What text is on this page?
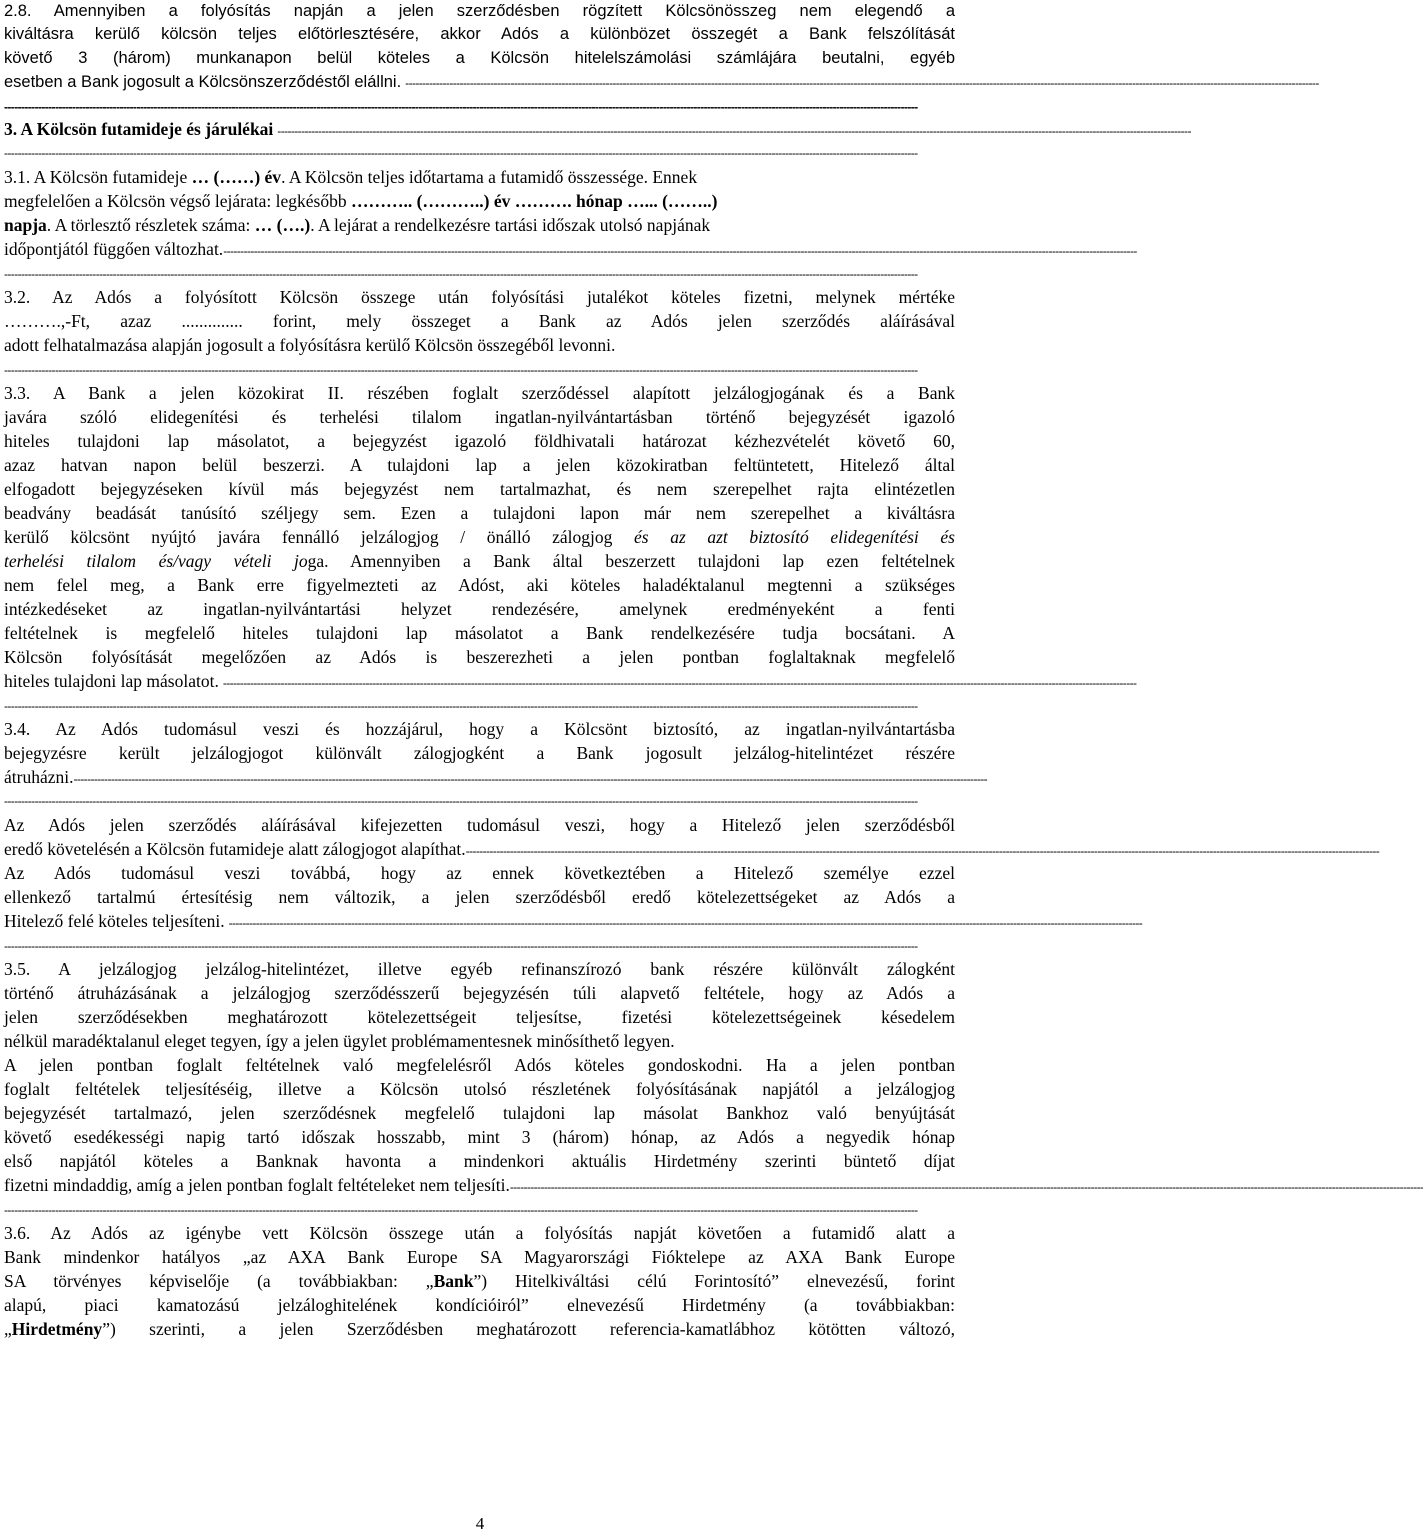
2.8. Amennyiben a folyósítás napján a jelen szerződésben rögzített Kölcsönösszeg nem elegendő a
kiváltásra kerülő kölcsön teljes előtörlesztésére, akkor Adós a különbözet összegét a Bank felszólítását
követő 3 (három) munkanapon belül köteles a Kölcsön hitelelszámolási számlájára beutalni, egyéb
esetben a Bank jogosult a Kölcsönszerződéstől elállni. -----------------------------------------------------------------------------------------------------------------------------------------------------------------------------------------------------------------------------------------------------------------------------
-----------------------------------------------------------------------------------------------------------------------------------------------------------------------------------------------------------------------------------------------------------------------------
3. A Kölcsön futamideje és járulékai -----------------------------------------------------------------------------------------------------------------------------------------------------------------------------------------------------------------------------------------------------------------------------
-----------------------------------------------------------------------------------------------------------------------------------------------------------------------------------------------------------------------------------------------------------------------------
3.1. A Kölcsön futamideje … (……) év. A Kölcsön teljes időtartama a futamidő összessége. Ennek
megfelelően a Kölcsön végső lejárata: legkésőbb ……….. (………..) év ………. hónap …... (……..)
napja. A törlesztő részletek száma: … (….). A lejárat a rendelkezésre tartási időszak utolsó napjának
időpontjától függően változhat. -----------------------------------------------------------------------------------------------------------------------------------------------------------------------------------------------------------------------------------------------------------------------------
-----------------------------------------------------------------------------------------------------------------------------------------------------------------------------------------------------------------------------------------------------------------------------
3.2. Az Adós a folyósított Kölcsön összege után folyósítási jutalékot köteles fizetni, melynek mértéke
……….,-Ft, azaz .............. forint, mely összeget a Bank az Adós jelen szerződés aláírásával
adott felhatalmazása alapján jogosult a folyósításra kerülő Kölcsön összegéből levonni.
-----------------------------------------------------------------------------------------------------------------------------------------------------------------------------------------------------------------------------------------------------------------------------
3.3. A Bank a jelen közokirat II. részében foglalt szerződéssel alapított jelzálogjogának és a Bank
javára szóló elidegenítési és terhelési tilalom ingatlan-nyilvántartásban történő bejegyzését igazoló
hiteles tulajdoni lap másolatot, a bejegyzést igazoló földhivatali határozat kézhezvételét követő 60,
azaz hatvan napon belül beszerzi. A tulajdoni lap a jelen közokiratban feltüntetett, Hitelező által
elfogadott bejegyzéseken kívül más bejegyzést nem tartalmazhat, és nem szerepelhet rajta elintézetlen
beadvány beadását tanúsító széljegy sem. Ezen a tulajdoni lapon már nem szerepelhet a kiváltásra
kerülő kölcsönt nyújtó javára fennálló jelzálogjog / önálló zálogjog és az azt biztosító elidegenítési és
terhelési tilalom és/vagy vételi joga. Amennyiben a Bank által beszerzett tulajdoni lap ezen feltételnek
nem felel meg, a Bank erre figyelmezteti az Adóst, aki köteles haladéktalanul megtenni a szükséges
intézkedéseket az ingatlan-nyilvántartási helyzet rendezésére, amelynek eredményeként a fenti
feltételnek is megfelelő hiteles tulajdoni lap másolatot a Bank rendelkezésére tudja bocsátani. A
Kölcsön folyósítását megelőzően az Adós is beszerezheti a jelen pontban foglaltaknak megfelelő
hiteles tulajdoni lap másolatot. -----------------------------------------------------------------------------------------------------------------------------------------------------------------------------------------------------------------------------------------------------------------------------
-----------------------------------------------------------------------------------------------------------------------------------------------------------------------------------------------------------------------------------------------------------------------------
3.4. Az Adós tudomásul veszi és hozzájárul, hogy a Kölcsönt biztosító, az ingatlan-nyilvántartásba
bejegyzésre került jelzálogjogot különvált zálogjogként a Bank jogosult jelzálog-hitelintézet részére
átruházni. -----------------------------------------------------------------------------------------------------------------------------------------------------------------------------------------------------------------------------------------------------------------------------
-----------------------------------------------------------------------------------------------------------------------------------------------------------------------------------------------------------------------------------------------------------------------------
Az Adós jelen szerződés aláírásával kifejezetten tudomásul veszi, hogy a Hitelező jelen szerződésből
eredő követelésén a Kölcsön futamideje alatt zálogjogot alapíthat. -----------------------------------------------------------------------------------------------------------------------------------------------------------------------------------------------------------------------------------------------------------------------------
Az Adós tudomásul veszi továbbá, hogy az ennek következtében a Hitelező személye ezzel
ellenkező tartalmú értesítésig nem változik, a jelen szerződésből eredő kötelezettségeket az Adós a
Hitelező felé köteles teljesíteni. -----------------------------------------------------------------------------------------------------------------------------------------------------------------------------------------------------------------------------------------------------------------------------
-----------------------------------------------------------------------------------------------------------------------------------------------------------------------------------------------------------------------------------------------------------------------------
3.5. A jelzálogjog jelzálog-hitelintézet, illetve egyéb refinanszírozó bank részére különvált zálogként
történő átruházásának a jelzálogjog szerződésszerű bejegyzésén túli alapvető feltétele, hogy az Adós a
jelen szerződésekben meghatározott kötelezettségeit teljesítse, fizetési kötelezettségeinek késedelem
nélkül maradéktalanul eleget tegyen, így a jelen ügylet problémamentesnek minősíthető legyen.
A jelen pontban foglalt feltételnek való megfelelésről Adós köteles gondoskodni. Ha a jelen pontban
foglalt feltételek teljesítéséig, illetve a Kölcsön utolsó részletének folyósításának napjától a jelzálogjog
bejegyzését tartalmazó, jelen szerződésnek megfelelő tulajdoni lap másolat Bankhoz való benyújtását
követő esedékességi napig tartó időszak hosszabb, mint 3 (három) hónap, az Adós a negyedik hónap
első napjától köteles a Banknak havonta a mindenkori aktuális Hirdetmény szerinti büntető díjat
fizetni mindaddig, amíg a jelen pontban foglalt feltételeket nem teljesíti. -----------------------------------------------------------------------------------------------------------------------------------------------------------------------------------------------------------------------------------------------------------------------------
-----------------------------------------------------------------------------------------------------------------------------------------------------------------------------------------------------------------------------------------------------------------------------
3.6. Az Adós az igénybe vett Kölcsön összege után a folyósítás napját követően a futamidő alatt a
Bank mindenkor hatályos „az AXA Bank Europe SA Magyarországi Fióktelepe az AXA Bank Europe
SA törvényes képviselője (a továbbiakban: „Bank”) Hitelkiváltási célú Forintosító” elnevezésű, forint
alapú, piaci kamatozású jelzáloghitelének kondícióiról” elnevezésű Hirdetmény (a továbbiakban:
„Hirdetmény”) szerinti, a jelen Szerződésben meghatározott referencia-kamatlábhoz kötötten változó,
4
